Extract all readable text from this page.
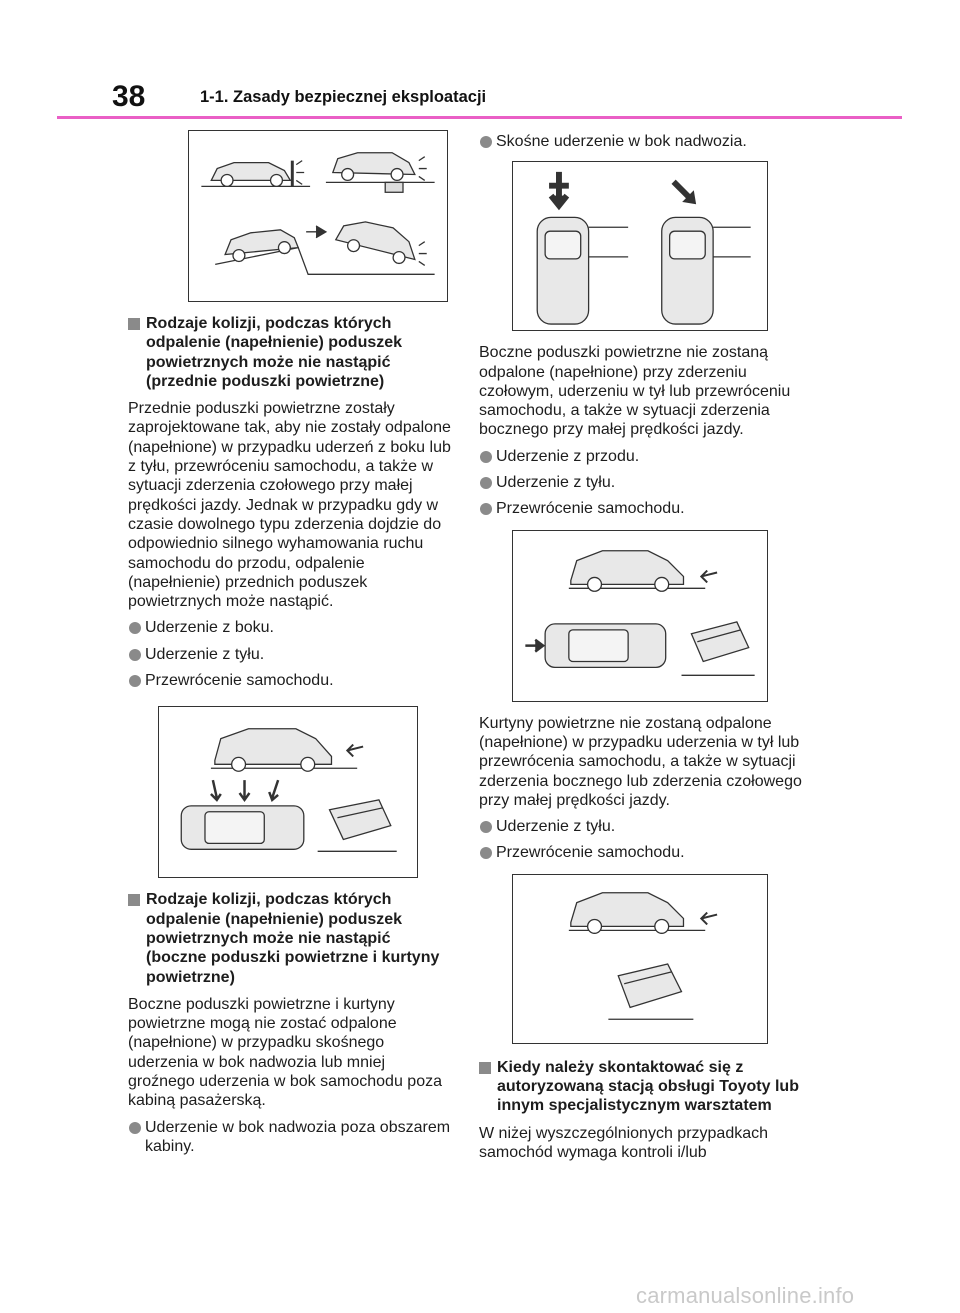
38	1-1. Zasady bezpiecznej eksploatacji
Rodzaje kolizji, podczas których odpalenie (napełnienie) poduszek powietrznych może nie nastąpić (przednie poduszki powietrzne)
Przednie poduszki powietrzne zostały zaprojektowane tak, aby nie zostały odpalone (napełnione) w przypadku uderzeń z boku lub z tyłu, przewróceniu samochodu, a także w sytuacji zderzenia czołowego przy małej prędkości jazdy. Jednak w przypadku gdy w czasie dowolnego typu zderzenia dojdzie do odpowiednio silnego wyhamowania ruchu samochodu do przodu, odpalenie (napełnienie) przednich poduszek powietrznych może nastąpić.
Uderzenie z boku.
Uderzenie z tyłu.
Przewrócenie samochodu.
Rodzaje kolizji, podczas których odpalenie (napełnienie) poduszek powietrznych może nie nastąpić (boczne poduszki powietrzne i kurtyny powietrzne)
Boczne poduszki powietrzne i kurtyny powietrzne mogą nie zostać odpalone (napełnione) w przypadku skośnego uderzenia w bok nadwozia lub mniej groźnego uderzenia w bok samochodu poza kabiną pasażerską.
Uderzenie w bok nadwozia poza obszarem kabiny.
Skośne uderzenie w bok nadwozia.
Boczne poduszki powietrzne nie zostaną odpalone (napełnione) przy zderzeniu czołowym, uderzeniu w tył lub przewróceniu samochodu, a także w sytuacji zderzenia bocznego przy małej prędkości jazdy.
Uderzenie z przodu.
Uderzenie z tyłu.
Przewrócenie samochodu.
Kurtyny powietrzne nie zostaną odpalone (napełnione) w przypadku uderzenia w tył lub przewrócenia samochodu, a także w sytuacji zderzenia bocznego lub zderzenia czołowego przy małej prędkości jazdy.
Uderzenie z tyłu.
Przewrócenie samochodu.
Kiedy należy skontaktować się z autoryzowaną stacją obsługi Toyoty lub innym specjalistycznym warsztatem
W niżej wyszczególnionych przypadkach samochód wymaga kontroli i/lub
carmanualsonline.info
